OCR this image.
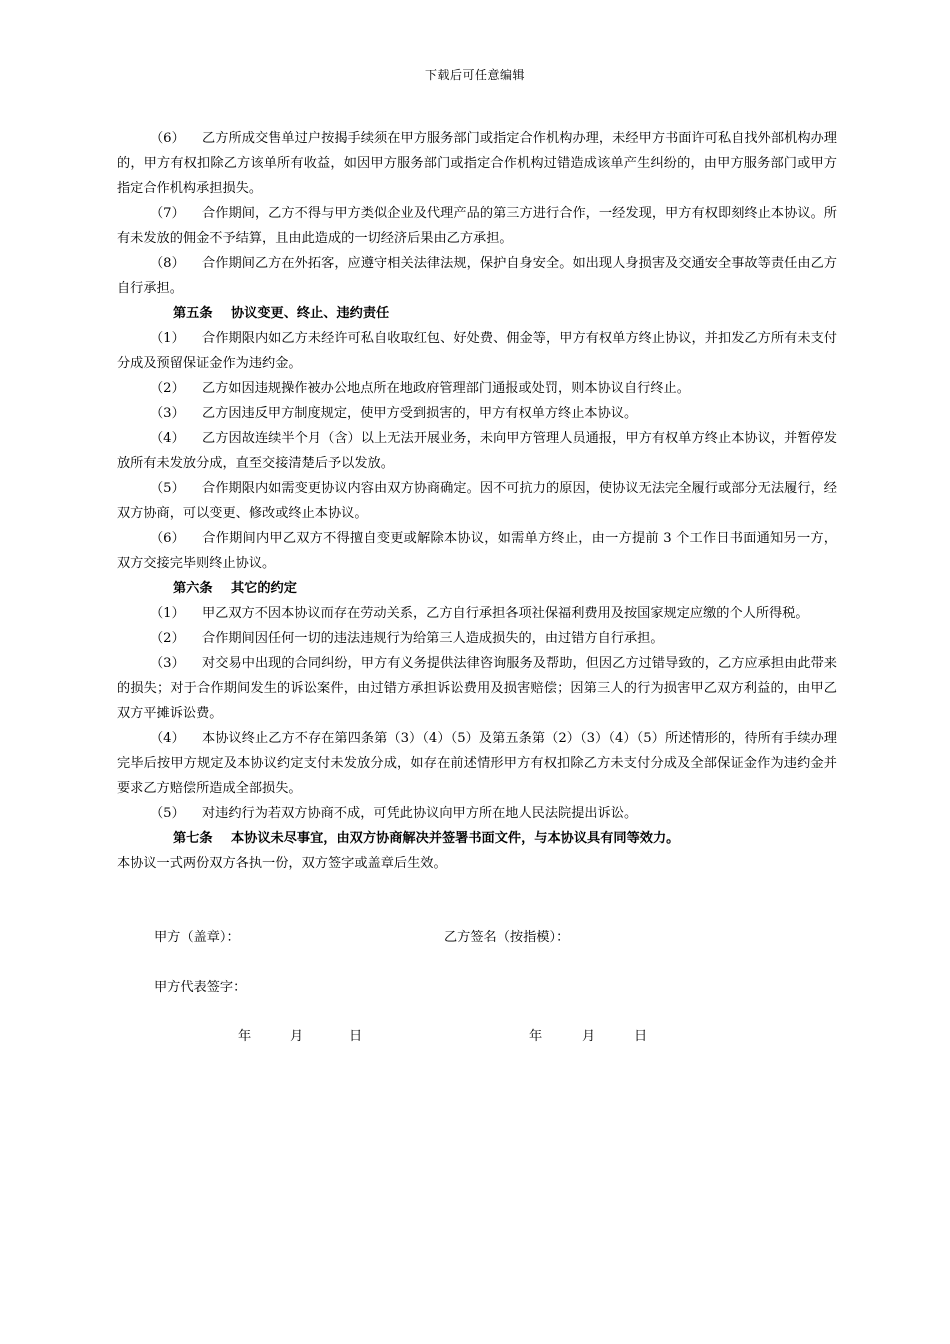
下载后可任意编辑

（6） 乙方所成交售单过户按揭手续须在甲方服务部门或指定合作机构办理，未经甲方书面许可私自找外部机构办理的，甲方有权扣除乙方该单所有收益，如因甲方服务部门或指定合作机构过错造成该单产生纠纷的，由甲方服务部门或甲方指定合作机构承担损失。

（7） 合作期间，乙方不得与甲方类似企业及代理产品的第三方进行合作，一经发现，甲方有权即刻终止本协议。所有未发放的佣金不予结算，且由此造成的一切经济后果由乙方承担。

（8） 合作期间乙方在外拓客，应遵守相关法律法规，保护自身安全。如出现人身损害及交通安全事故等责任由乙方自行承担。

第五条 协议变更、终止、违约责任

（1） 合作期限内如乙方未经许可私自收取红包、好处费、佣金等，甲方有权单方终止协议，并扣发乙方所有未支付分成及预留保证金作为违约金。

（2） 乙方如因违规操作被办公地点所在地政府管理部门通报或处罚，则本协议自行终止。

（3） 乙方因违反甲方制度规定，使甲方受到损害的，甲方有权单方终止本协议。

（4） 乙方因故连续半个月（含）以上无法开展业务，未向甲方管理人员通报，甲方有权单方终止本协议，并暂停发放所有未发放分成，直至交接清楚后予以发放。

（5） 合作期限内如需变更协议内容由双方协商确定。因不可抗力的原因，使协议无法完全履行或部分无法履行，经双方协商，可以变更、修改或终止本协议。

（6） 合作期间内甲乙双方不得擅自变更或解除本协议，如需单方终止，由一方提前 3 个工作日书面通知另一方，双方交接完毕则终止协议。

第六条 其它的约定

（1） 甲乙双方不因本协议而存在劳动关系，乙方自行承担各项社保福利费用及按国家规定应缴的个人所得税。

（2） 合作期间因任何一切的违法违规行为给第三人造成损失的，由过错方自行承担。

（3） 对交易中出现的合同纠纷，甲方有义务提供法律咨询服务及帮助，但因乙方过错导致的，乙方应承担由此带来的损失；对于合作期间发生的诉讼案件，由过错方承担诉讼费用及损害赔偿；因第三人的行为损害甲乙双方利益的，由甲乙双方平摊诉讼费。

（4） 本协议终止乙方不存在第四条第（3）（4）（5）及第五条第（2）（3）（4）（5）所述情形的，待所有手续办理完毕后按甲方规定及本协议约定支付未发放分成，如存在前述情形甲方有权扣除乙方未支付分成及全部保证金作为违约金并要求乙方赔偿所造成全部损失。

（5） 对违约行为若双方协商不成，可凭此协议向甲方所在地人民法院提出诉讼。

第七条 本协议未尽事宜，由双方协商解决并签署书面文件，与本协议具有同等效力。

本协议一式两份双方各执一份，双方签字或盖章后生效。

甲方（盖章）：	乙方签名（按指模）：
甲方代表签字：
年	月	日	年	月	日
